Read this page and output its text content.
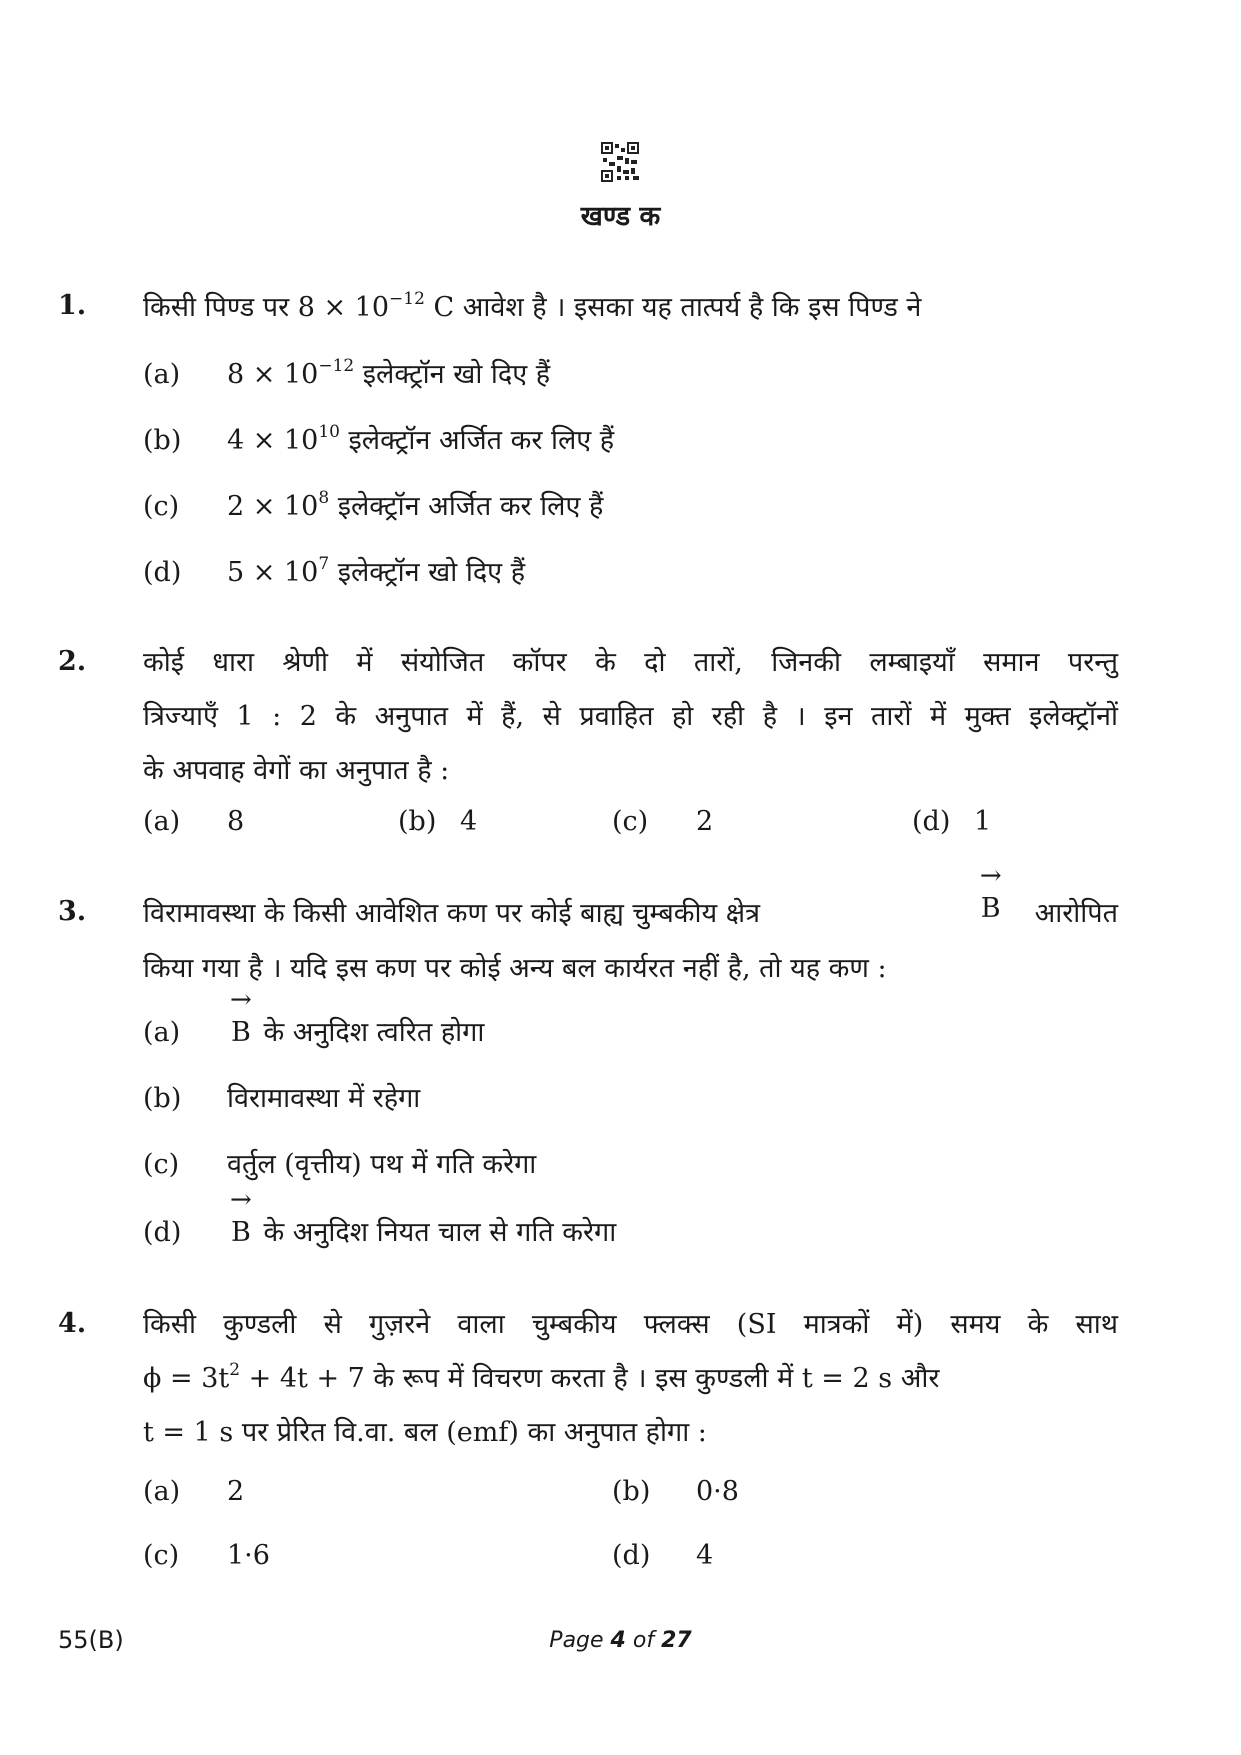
खण्ड क
1. किसी पिण्ड पर $8 \times 10^{-12}$ C आवेश है । इसका यह तात्पर्य है कि इस पिण्ड ने
(a) $8 \times 10^{-12}$ इलेक्ट्रॉन खो दिए हैं
(b) $4 \times 10^{10}$ इलेक्ट्रॉन अर्जित कर लिए हैं
(c) $2 \times 10^8$ इलेक्ट्रॉन अर्जित कर लिए हैं
(d) $5 \times 10^7$ इलेक्ट्रॉन खो दिए हैं
2. कोई धारा श्रेणी में संयोजित कॉपर के दो तारों, जिनकी लम्बाइयाँ समान परन्तु
त्रिज्याएँ 1 : 2 के अनुपात में हैं, से प्रवाहित हो रही है । इन तारों में मुक्त इलेक्ट्रॉनों
के अपवाह वेगों का अनुपात है :
(a) 8	(b) 4	(c) 2	(d) 1
3. विरामावस्था के किसी आवेशित कण पर कोई बाह्य चुम्बकीय क्षेत्र
→
B आरोपित
किया गया है । यदि इस कण पर कोई अन्य बल कार्यरत नहीं है, तो यह कण :
(a)
→
B के अनुदिश त्वरित होगा
(b) विरामावस्था में रहेगा
(c) वर्तुल (वृत्तीय) पथ में गति करेगा
(d)
→
B के अनुदिश नियत चाल से गति करेगा
4. किसी कुण्डली से गुज़रने वाला चुम्बकीय फ्लक्स (SI मात्रकों में) समय के साथ
$\phi = 3t^2 + 4t + 7$ के रूप में विचरण करता है । इस कुण्डली में t = 2 s और
t = 1 s पर प्रेरित वि.वा. बल (emf) का अनुपात होगा :
(a) 2	(b) 0·8
(c) 1·6	(d) 4
55(B)	Page 4 of 27
